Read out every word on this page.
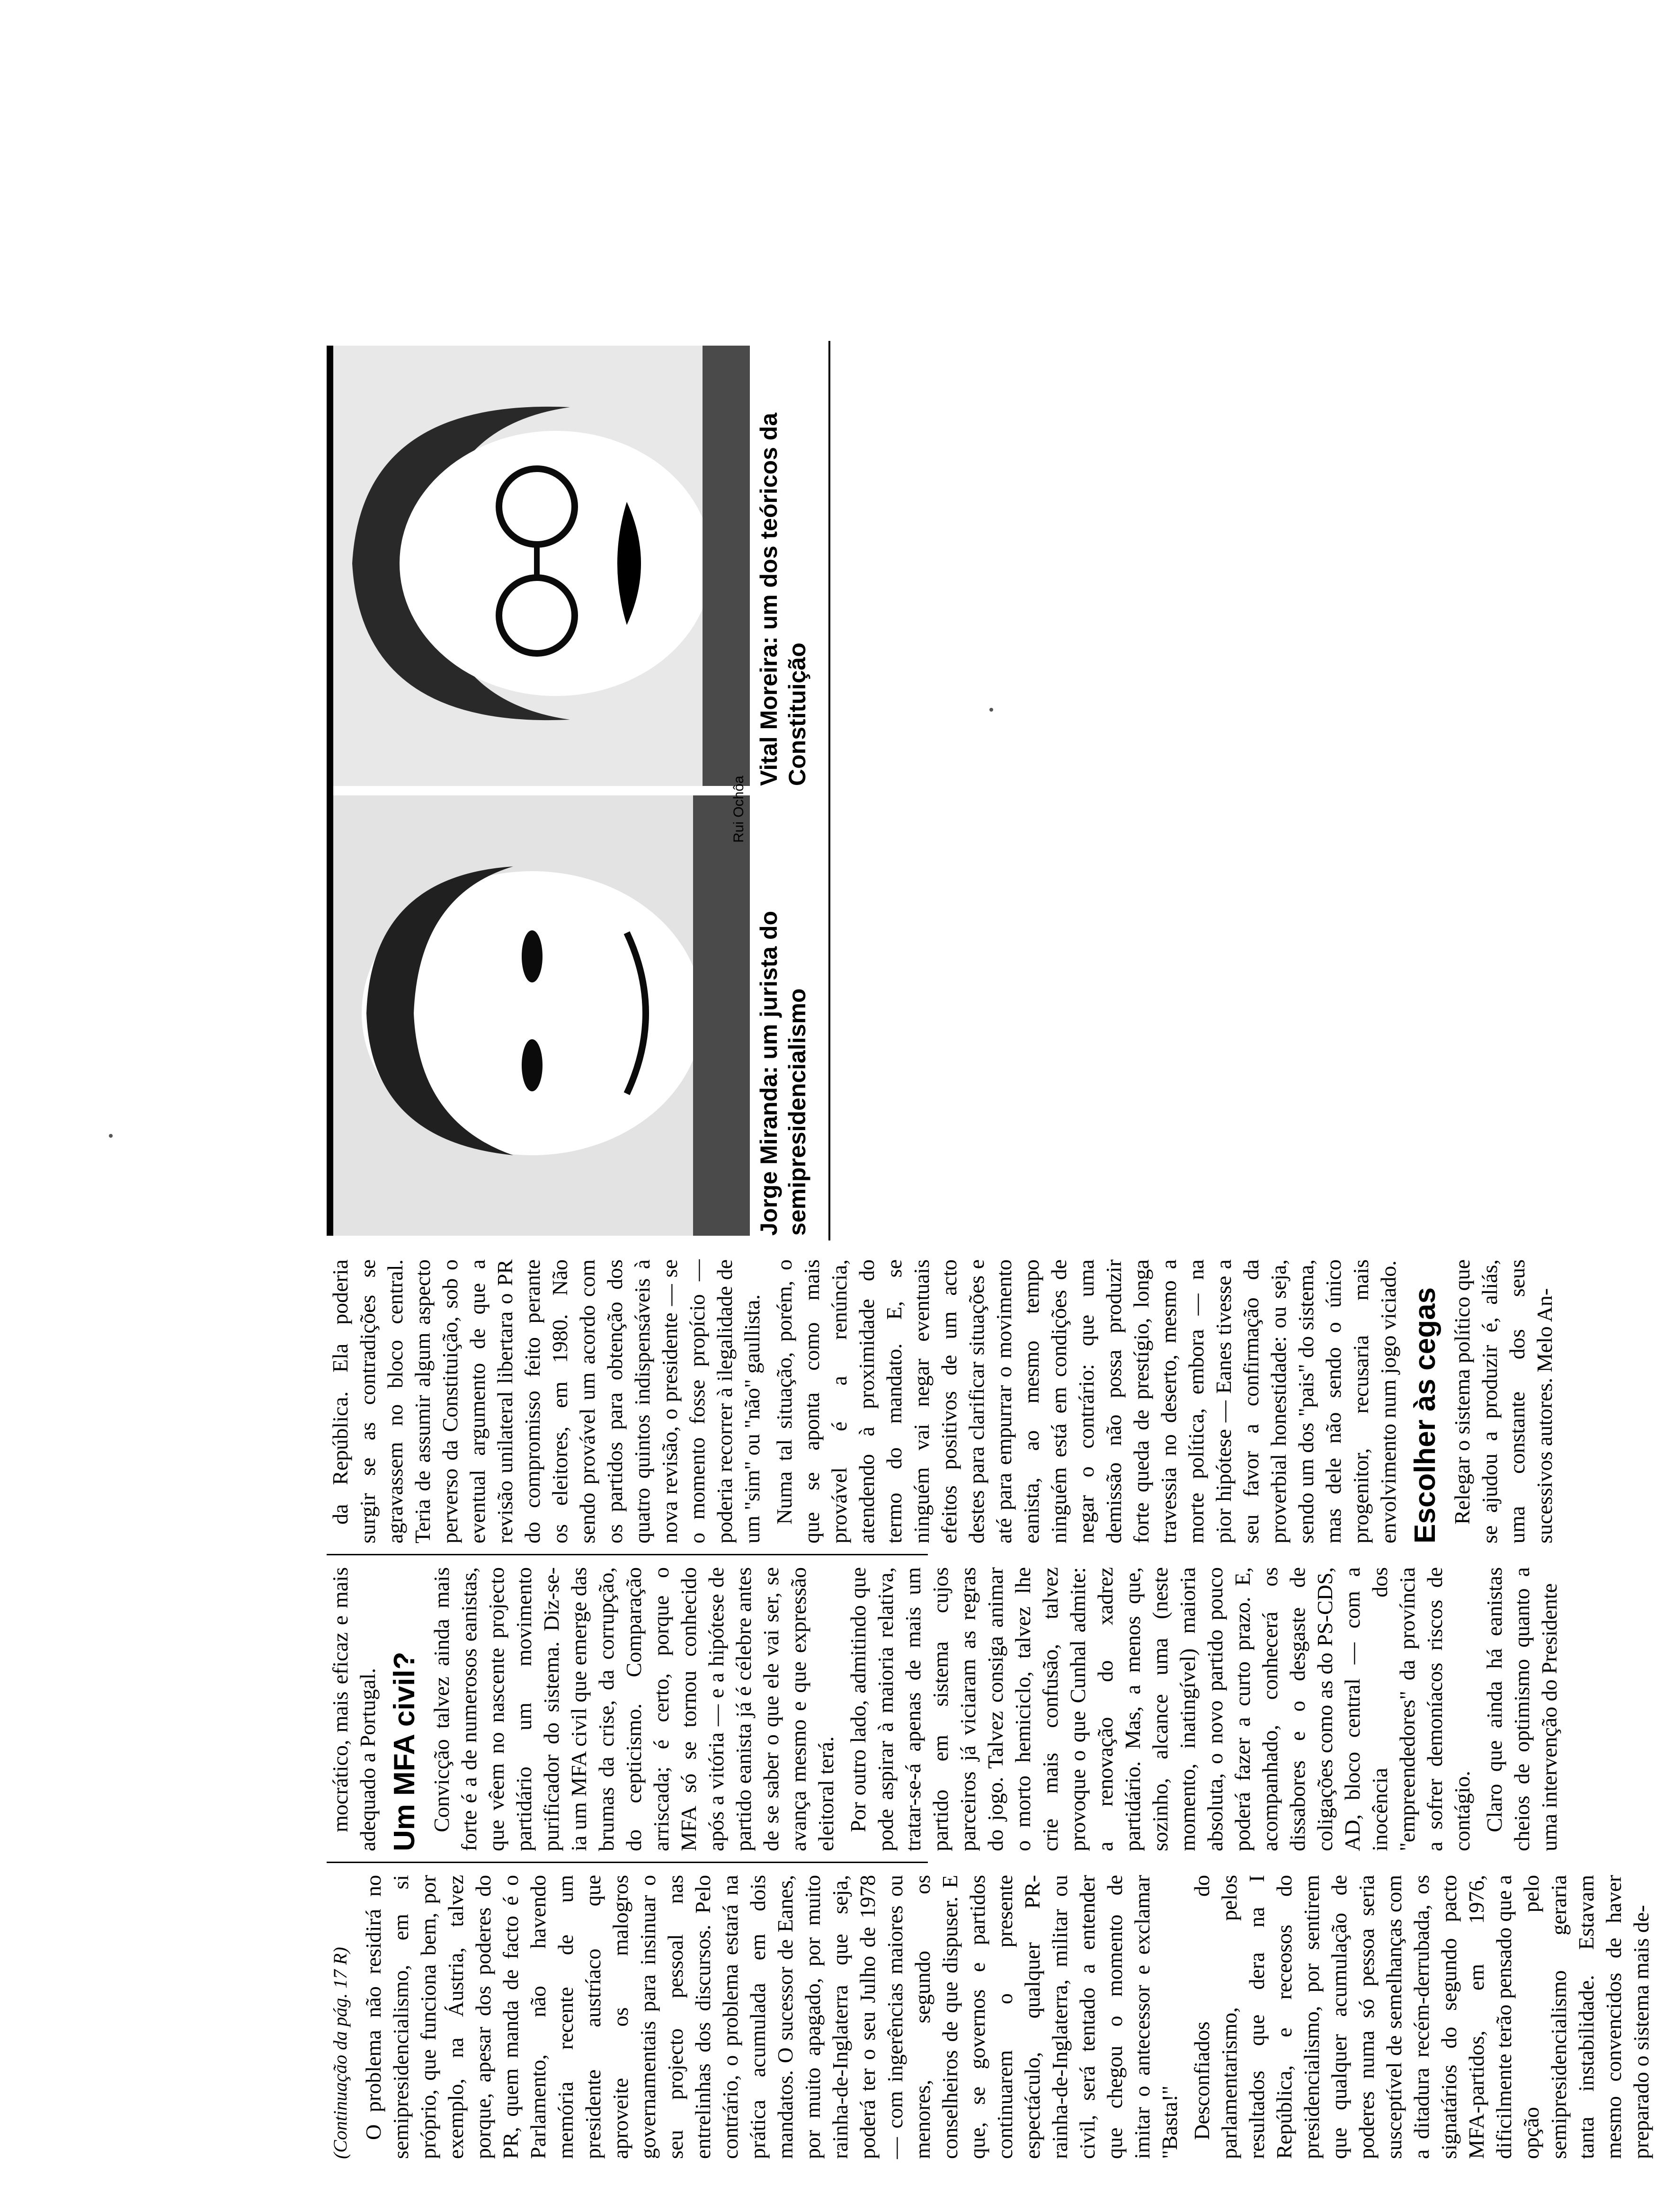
(Continuação da pág. 17 R) O problema não residirá no semipresidencialismo, em si próprio, que funciona bem, por exemplo, na Áustria, talvez porque, apesar dos poderes do PR, quem manda de facto é o Parlamento, não havendo memória recente de um presidente austríaco que aproveite os malogros governamentais para insinuar o seu projecto pessoal nas entrelinhas dos discursos. Pelo contrário, o problema estará na prática acumulada em dois mandatos. O sucessor de Eanes, por muito apagado, por muito rainha-de-Inglaterra que seja, poderá ter o seu Julho de 1978 — com ingerências maiores ou menores, segundo os conselheiros de que dispuser. E que, se governos e partidos continuarem o presente espectáculo, qualquer PR-rainha-de-Inglaterra, militar ou civil, será tentado a entender que chegou o momento de imitar o antecessor e exclamar "Basta!" Desconfiados do parlamentarismo, pelos resultados que dera na I República, e receosos do presidencialismo, por sentirem que qualquer acumulação de poderes numa só pessoa seria susceptível de semelhanças com a ditadura recém-derrubada, os signatários do segundo pacto MFA-partidos, em 1976, dificilmente terão pensado que a opção pelo semipresidencialismo geraria tanta instabilidade. Estavam mesmo convencidos de haver preparado o sistema mais de-

mocrático, mais eficaz e mais adequado a Portugal. Um MFA civil? Convicção talvez ainda mais forte é a de numerosos eanistas, que vêem no nascente projecto partidário um movimento purificador do sistema. Diz-se-ia um MFA civil que emerge das brumas da crise, da corrupção, do cepticismo. Comparação arriscada; é certo, porque o MFA só se tornou conhecido após a vitória — e a hipótese de partido eanista já é célebre antes de se saber o que ele vai ser, se avança mesmo e que expressão eleitoral terá. Por outro lado, admitindo que pode aspirar à maioria relativa, tratar-se-á apenas de mais um partido em sistema cujos parceiros já viciaram as regras do jogo. Talvez consiga animar o morto hemiciclo, talvez lhe crie mais confusão, talvez provoque o que Cunhal admite: a renovação do xadrez partidário. Mas, a menos que, sozinho, alcance uma (neste momento, inatingível) maioria absoluta, o novo partido pouco poderá fazer a curto prazo. E, acompanhado, conhecerá os dissabores e o desgaste de coligações como as do PS-CDS, AD, bloco central — com a inocência dos "empreendedores" da província a sofrer demoníacos riscos de contágio. Claro que ainda há eanistas cheios de optimismo quanto a uma intervenção do Presidente

da República. Ela poderia surgir se as contradições se agravassem no bloco central. Teria de assumir algum aspecto perverso da Constituição, sob o eventual argumento de que a revisão unilateral libertara o PR do compromisso feito perante os eleitores, em 1980. Não sendo provável um acordo com os partidos para obtenção dos quatro quintos indispensáveis à nova revisão, o presidente — se o momento fosse propício — poderia recorrer à ilegalidade de um "sim" ou "não" gaullista. Numa tal situação, porém, o que se aponta como mais provável é a renúncia, atendendo à proximidade do termo do mandato. E, se ninguém vai negar eventuais efeitos positivos de um acto destes para clarificar situações e até para empurrar o movimento eanista, ao mesmo tempo ninguém está em condições de negar o contrário: que uma demissão não possa produzir forte queda de prestígio, longa travessia no deserto, mesmo a morte política, embora — na pior hipótese — Eanes tivesse a seu favor a confirmação da proverbial honestidade: ou seja, sendo um dos "pais" do sistema, mas dele não sendo o único progenitor, recusaria mais envolvimento num jogo viciado. Escolher às cegas Relegar o sistema político que se ajudou a produzir é, aliás, uma constante dos seus sucessivos autores. Melo An-

Rui Ochôa
Jorge Miranda: um jurista do semipresidencialismo
Vital Moreira: um dos teóricos da Constituição
